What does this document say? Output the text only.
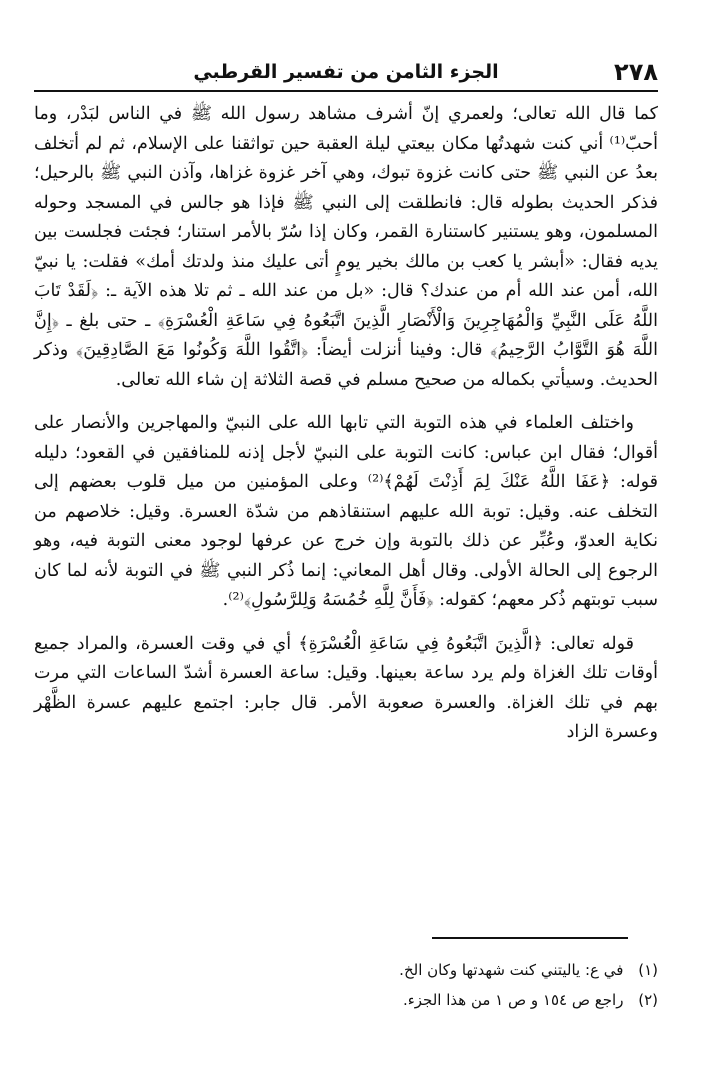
الجزء الثامن من تفسير القرطبي	٢٧٨

كما قال الله تعالى؛ ولعمري إنّ أشرف مشاهد رسول الله ﷺ في الناس لبَدْر، وما أحبّ⁽¹⁾ أني كنت شهدتُها مكان بيعتي ليلة العقبة حين تواثقنا على الإسلام، ثم لم أتخلف بعدُ عن النبي ﷺ حتى كانت غزوة تبوك، وهي آخر غزوة غزاها، وآذن النبي ﷺ بالرحيل؛ فذكر الحديث بطوله قال: فانطلقت إلى النبي ﷺ فإذا هو جالس في المسجد وحوله المسلمون، وهو يستنير كاستنارة القمر، وكان إذا سُرّ بالأمر استنار؛ فجئت فجلست بين يديه فقال: «أبشر يا كعب بن مالك بخير يومٍ أتى عليك منذ ولدتك أمك» فقلت: يا نبيّ الله، أمن عند الله أم من عندك؟ قال: «بل من عند الله ـ ثم تلا هذه الآية ـ: ﴿لَقَدْ تَابَ اللَّهُ عَلَى النَّبِيِّ وَالْمُهَاجِرِينَ وَالْأَنْصَارِ الَّذِينَ اتَّبَعُوهُ فِي سَاعَةِ الْعُسْرَةِ﴾ ـ حتى بلغ ـ ﴿إِنَّ اللَّهَ هُوَ التَّوَّابُ الرَّحِيمُ﴾ قال: وفينا أنزلت أيضاً: ﴿اتَّقُوا اللَّهَ وَكُونُوا مَعَ الصَّادِقِينَ﴾ وذكر الحديث. وسيأتي بكماله من صحيح مسلم في قصة الثلاثة إن شاء الله تعالى.

واختلف العلماء في هذه التوبة التي تابها الله على النبيّ والمهاجرين والأنصار على أقوال؛ فقال ابن عباس: كانت التوبة على النبيّ لأجل إذنه للمنافقين في القعود؛ دليله قوله: ﴿عَفَا اللَّهُ عَنْكَ لِمَ أَذِنْتَ لَهُمْ﴾⁽²⁾ وعلى المؤمنين من ميل قلوب بعضهم إلى التخلف عنه. وقيل: توبة الله عليهم استنقاذهم من شدّة العسرة. وقيل: خلاصهم من نكاية العدوّ، وعُبِّر عن ذلك بالتوبة وإن خرج عن عرفها لوجود معنى التوبة فيه، وهو الرجوع إلى الحالة الأولى. وقال أهل المعاني: إنما ذُكر النبي ﷺ في التوبة لأنه لما كان سبب توبتهم ذُكر معهم؛ كقوله: ﴿فَأَنَّ لِلَّهِ خُمُسَهُ وَلِلرَّسُولِ﴾⁽²⁾.

قوله تعالى: ﴿الَّذِينَ اتَّبَعُوهُ فِي سَاعَةِ الْعُسْرَةِ﴾ أي في وقت العسرة، والمراد جميع أوقات تلك الغزاة ولم يرد ساعة بعينها. وقيل: ساعة العسرة أشدّ الساعات التي مرت بهم في تلك الغزاة. والعسرة صعوبة الأمر. قال جابر: اجتمع عليهم عسرة الظَّهْر وعسرة الزاد

(١) في ع: ياليتني كنت شهدتها وكان الخ.

(٢) راجع ص ١٥٤ و ص ١ من هذا الجزء.
